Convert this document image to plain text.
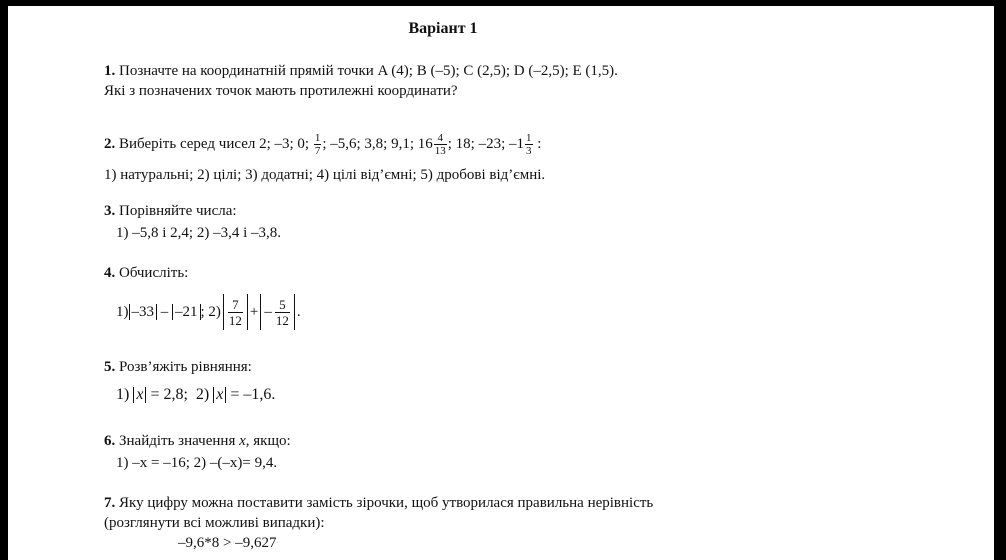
Варіант 1
1. Позначте на координатній прямій точки A (4); B (–5); C (2,5); D (–2,5); E (1,5).
Які з позначених точок мають протилежні координати?
2. Виберіть серед чисел 2; –3; 0; $\frac{1}{7}$ ; –5,6; 3,8; 9,1; $16 \frac{4}{13}$ ; 18; –23; $-1 \frac{1}{3}$ :
1) натуральні; 2) цілі; 3) додатні; 4) цілі від’ємні; 5) дробові від’ємні.
3. Порівняйте числа:
1) –5,8 і 2,4; 2) –3,4 і –3,8.
4. Обчисліть:
1) –33 – –21 ; $2) \frac{7}{12}$ + – $\frac{5}{12}$ .
5. Розв’яжіть рівняння:
1) x = 2,8;  2) x = –1,6.
6. Знайдіть значення x, якщо:
1) –x = –16; 2) –(–x)= 9,4.
7. Яку цифру можна поставити замість зірочки, щоб утворилася правильна нерівність
(розглянути всі можливі випадки):
–9,6*8 > –9,627
